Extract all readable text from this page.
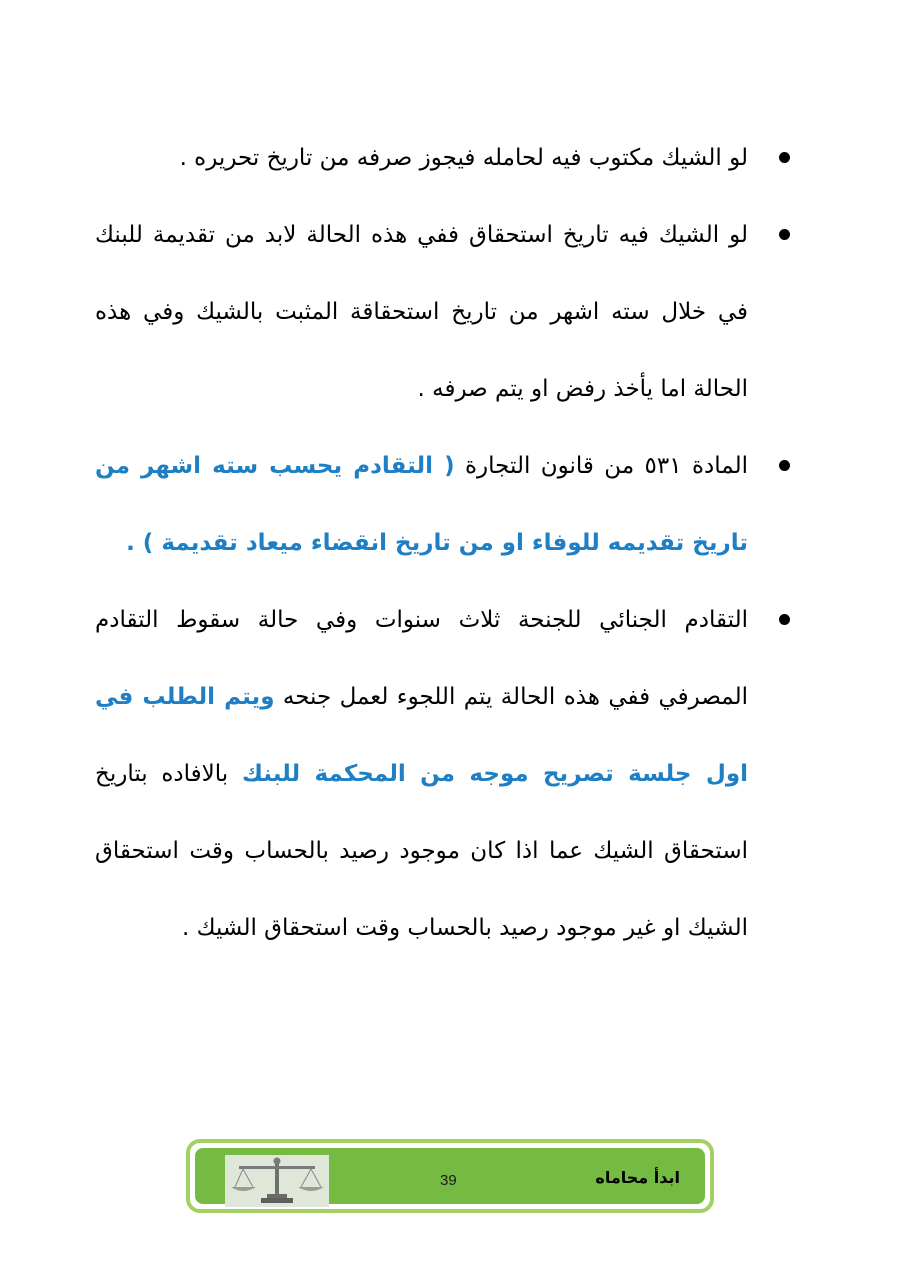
لو الشيك مكتوب فيه لحامله فيجوز صرفه من تاريخ تحريره .
لو الشيك فيه تاريخ استحقاق ففي هذه الحالة لابد من تقديمة للبنك في خلال سته اشهر من تاريخ استحقاقة المثبت بالشيك وفي هذه الحالة اما يأخذ رفض او يتم صرفه .
المادة ٥٣١ من قانون التجارة ( التقادم يحسب سته اشهر من تاريخ تقديمه للوفاء او من تاريخ انقضاء ميعاد تقديمة ) .
التقادم الجنائي للجنحة ثلاث سنوات وفي حالة سقوط التقادم المصرفي ففي هذه الحالة يتم اللجوء لعمل جنحه ويتم الطلب في اول جلسة تصريح موجه من المحكمة للبنك بالافاده بتاريخ استحقاق الشيك عما اذا كان موجود رصيد بالحساب وقت استحقاق الشيك او غير موجود رصيد بالحساب وقت استحقاق الشيك .
39	ابدأ محاماه
